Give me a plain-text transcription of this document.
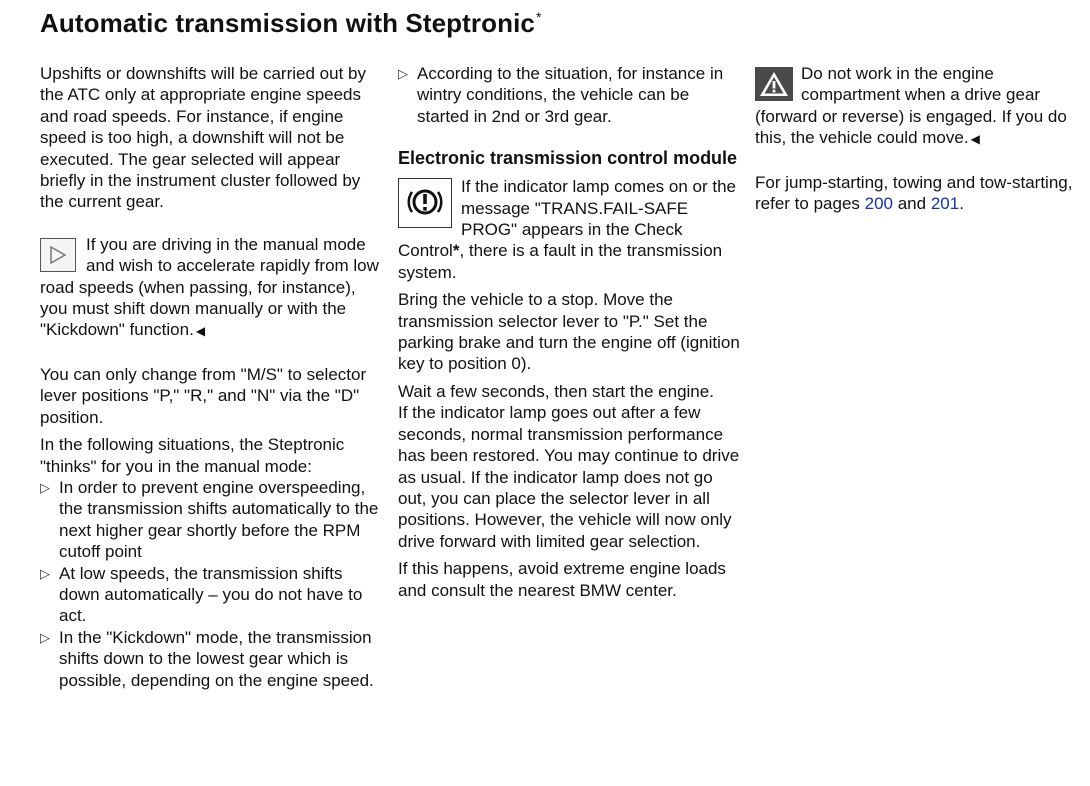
Automatic transmission with Steptronic*

Upshifts or downshifts will be carried out by the ATC only at appropriate engine speeds and road speeds. For instance, if engine speed is too high, a downshift will not be executed. The gear selected will appear briefly in the instrument cluster followed by the current gear.

If you are driving in the manual mode and wish to accelerate rapidly from low road speeds (when passing, for instance), you must shift down manually or with the "Kickdown" function. ◀

You can only change from "M/S" to selector lever positions "P," "R," and "N" via the "D" position.

In the following situations, the Steptronic "thinks" for you in the manual mode:

▷ In order to prevent engine overspeeding, the transmission shifts automatically to the next higher gear shortly before the RPM cutoff point
▷ At low speeds, the transmission shifts down automatically – you do not have to act.
▷ In the "Kickdown" mode, the transmission shifts down to the lowest gear which is possible, depending on the engine speed.
▷ According to the situation, for instance in wintry conditions, the vehicle can be started in 2nd or 3rd gear.
Electronic transmission control module
If the indicator lamp comes on or the message "TRANS.FAIL-SAFE PROG" appears in the Check Control*, there is a fault in the transmission system.

Bring the vehicle to a stop. Move the transmission selector lever to "P." Set the parking brake and turn the engine off (ignition key to position 0).

Wait a few seconds, then start the engine.

If the indicator lamp goes out after a few seconds, normal transmission performance has been restored. You may continue to drive as usual. If the indicator lamp does not go out, you can place the selector lever in all positions. However, the vehicle will now only drive forward with limited gear selection.

If this happens, avoid extreme engine loads and consult the nearest BMW center.

Do not work in the engine compartment when a drive gear (forward or reverse) is engaged. If you do this, the vehicle could move. ◀

For jump-starting, towing and tow-starting, refer to pages 200 and 201.
